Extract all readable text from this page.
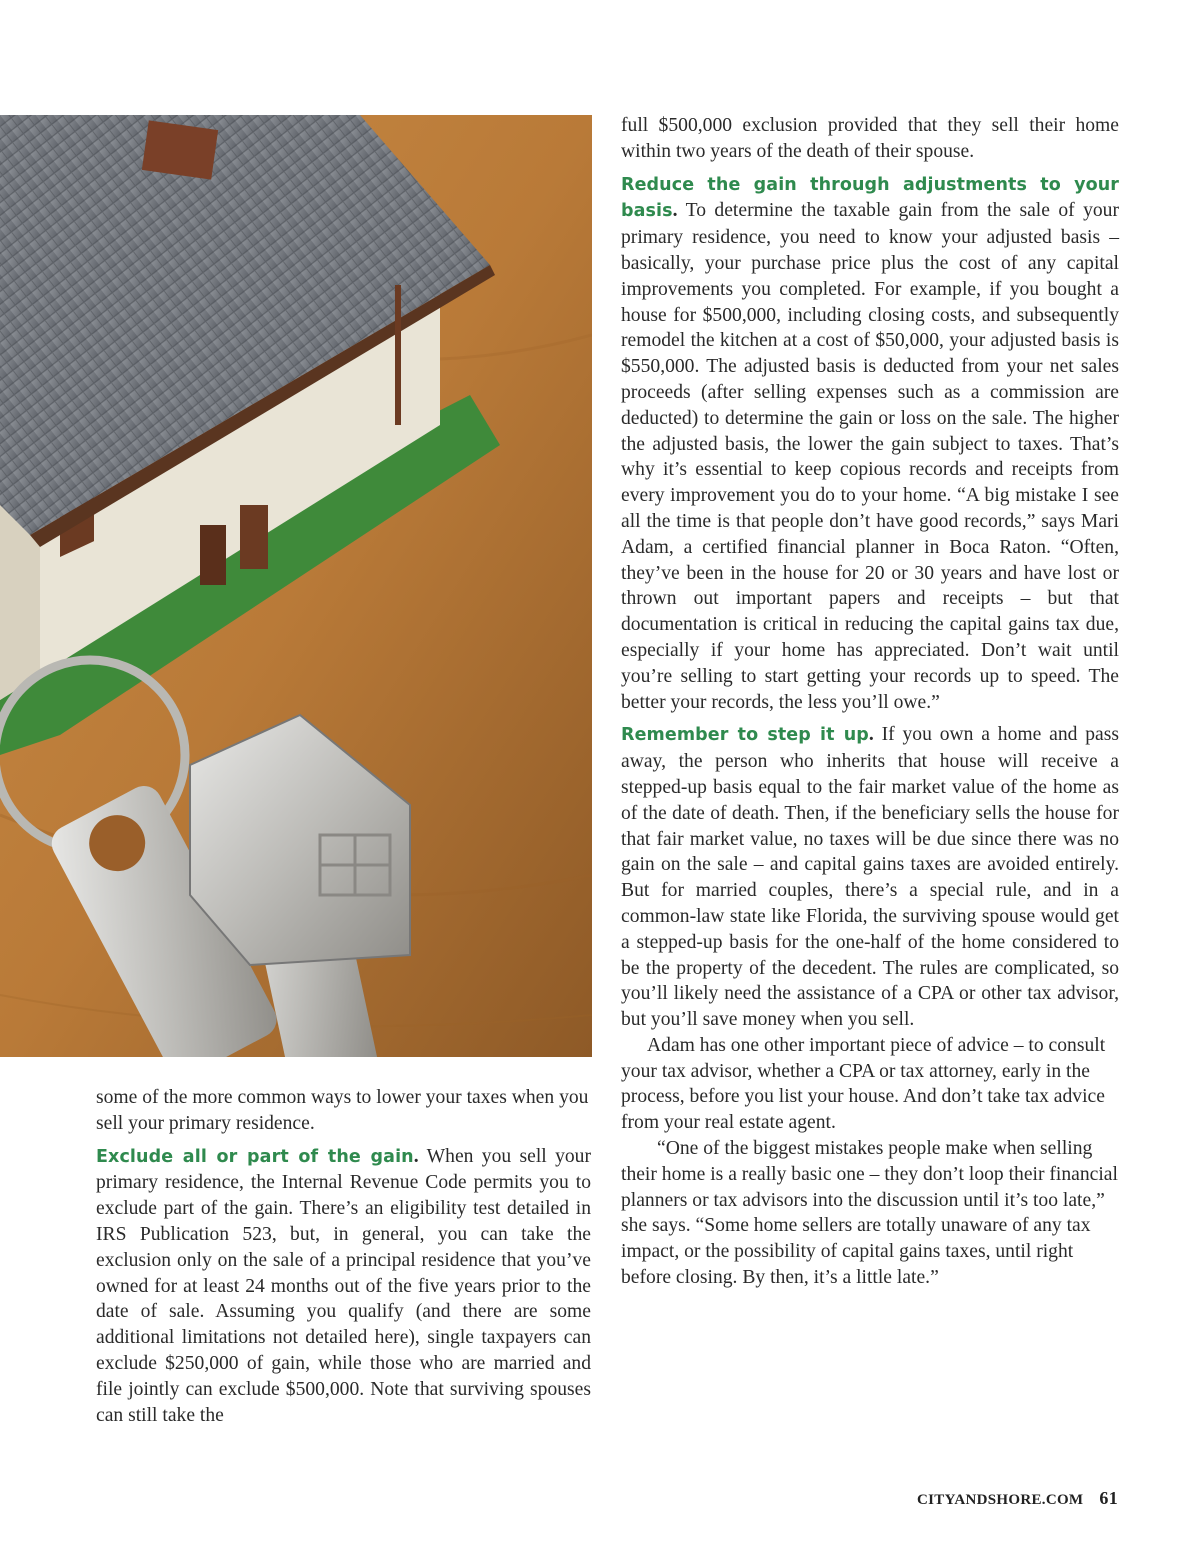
some of the more common ways to lower your taxes when you sell your primary residence.

Exclude all or part of the gain. When you sell your primary residence, the Internal Revenue Code permits you to exclude part of the gain. There’s an eligibility test detailed in IRS Publication 523, but, in general, you can take the exclusion only on the sale of a principal residence that you’ve owned for at least 24 months out of the five years prior to the date of sale. Assuming you qualify (and there are some additional limitations not detailed here), single taxpayers can exclude $250,000 of gain, while those who are married and file jointly can exclude $500,000. Note that surviving spouses can still take the

full $500,000 exclusion provided that they sell their home within two years of the death of their spouse.

Reduce the gain through adjustments to your basis. To determine the taxable gain from the sale of your primary residence, you need to know your adjusted basis – basically, your purchase price plus the cost of any capital improvements you completed. For example, if you bought a house for $500,000, including closing costs, and subsequently remodel the kitchen at a cost of $50,000, your adjusted basis is $550,000. The adjusted basis is deducted from your net sales proceeds (after selling expenses such as a commission are deducted) to determine the gain or loss on the sale. The higher the adjusted basis, the lower the gain subject to taxes. That’s why it’s essential to keep copious records and receipts from every improvement you do to your home. “A big mistake I see all the time is that people don’t have good records,” says Mari Adam, a certified financial planner in Boca Raton. “Often, they’ve been in the house for 20 or 30 years and have lost or thrown out important papers and receipts – but that documentation is critical in reducing the capital gains tax due, especially if your home has appreciated. Don’t wait until you’re selling to start getting your records up to speed. The better your records, the less you’ll owe.”

Remember to step it up. If you own a home and pass away, the person who inherits that house will receive a stepped-up basis equal to the fair market value of the home as of the date of death. Then, if the beneficiary sells the house for that fair market value, no taxes will be due since there was no gain on the sale – and capital gains taxes are avoided entirely. But for married couples, there’s a special rule, and in a common-law state like Florida, the surviving spouse would get a stepped-up basis for the one-half of the home considered to be the property of the decedent. The rules are complicated, so you’ll likely need the assistance of a CPA or other tax advisor, but you’ll save money when you sell.

Adam has one other important piece of advice – to consult your tax advisor, whether a CPA or tax attorney, early in the process, before you list your house. And don’t take tax advice from your real estate agent.

“One of the biggest mistakes people make when selling their home is a really basic one – they don’t loop their financial planners or tax advisors into the discussion until it’s too late,” she says. “Some home sellers are totally unaware of any tax impact, or the possibility of capital gains taxes, until right before closing. By then, it’s a little late.”

CITYANDSHORE.COM 61
